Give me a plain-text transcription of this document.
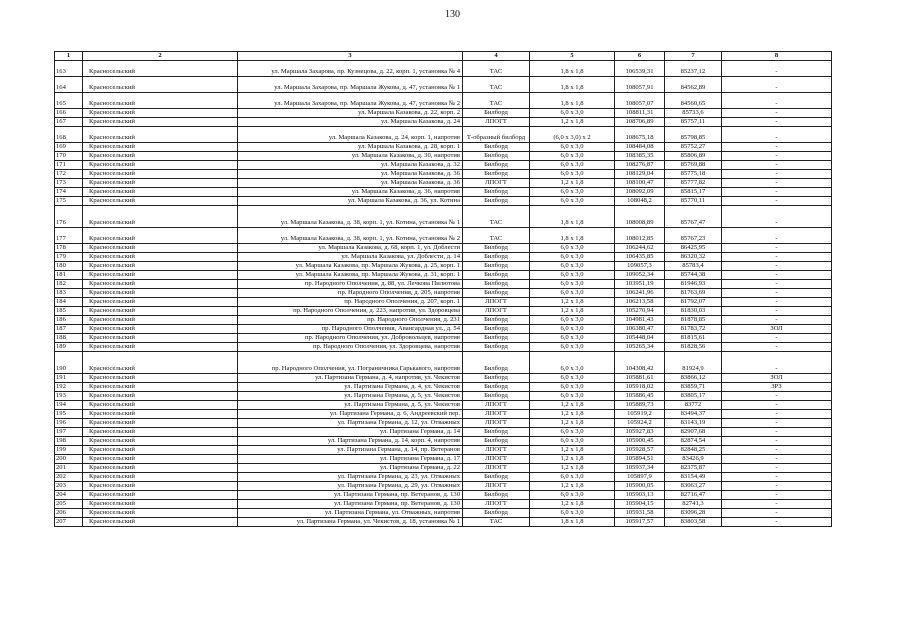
130
1	2	3	4	5	6	7	8
163	Красносельский	ул. Маршала Захарова, пр. Кузнецова, д. 22, корп. 1, установка № 4	ТАС	1,8 х 1,8	106539,31	85237,12	-
164	Красносельский	ул. Маршала Захарова, пр. Маршала Жукова, д. 47, установка № 1	ТАС	1,8 х 1,8	108057,91	84562,89	-
165	Красносельский	ул. Маршала Захарова, пр. Маршала Жукова, д. 47, установка № 2	ТАС	1,8 х 1,8	108057,07	84560,65	-
166	Красносельский	ул. Маршала Казакова, д. 22, корп. 2	Билборд	6,0 х 3,0	108811,31	85733,6	-
167	Красносельский	ул. Маршала Казакова, д. 24	ЛПОГТ	1,2 х 1,8	108706,89	85757,11	-
168	Красносельский	ул. Маршала Казакова, д. 24, корп. 1, напротив	Т-образный билборд	(6,0 х 3,0) х 2	108675,18	85798,85	-
169	Красносельский	ул. Маршала Казакова, д. 28, корп. 1	Билборд	6,0 х 3,0	108484,08	85752,27	-
170	Красносельский	ул. Маршала Казакова, д. 30, напротив	Билборд	6,0 х 3,0	108385,35	85806,89	-
171	Красносельский	ул. Маршала Казакова, д. 32	Билборд	6,0 х 3,0	108276,87	85769,88	-
172	Красносельский	ул. Маршала Казакова, д. 36	Билборд	6,0 х 3,0	108129,04	85775,18	-
173	Красносельский	ул. Маршала Казакова, д. 36	ЛПОГТ	1,2 х 1,8	108100,47	85777,82	-
174	Красносельский	ул. Маршала Казакова, д. 36, напротив	Билборд	6,0 х 3,0	108092,09	85815,17	-
175	Красносельский	ул. Маршала Казакова, д. 36, ул. Котина	Билборд	6,0 х 3,0	108048,2	85770,11	-
176	Красносельский	ул. Маршала Казакова, д. 38, корп. 1, ул. Котина, установка № 1	ТАС	1,8 х 1,8	108008,89	85767,47	-
177	Красносельский	ул. Маршала Казакова, д. 38, корп. 1, ул. Котина, установка № 2	ТАС	1,8 х 1,8	108012,85	85767,23	-
178	Красносельский	ул. Маршала Казакова, д. 68, корп. 1, ул. Доблести	Билборд	6,0 х 3,0	106244,62	86425,95	-
179	Красносельский	ул. Маршала Казакова, ул. Доблести, д. 14	Билборд	6,0 х 3,0	106435,85	86320,32	-
180	Красносельский	ул. Маршала Казакова, пр. Маршала Жукова, д. 25, корп. 1	Билборд	6,0 х 3,0	109057,3	85783,4	-
181	Красносельский	ул. Маршала Казакова, пр. Маршала Жукова, д. 31, корп. 1	Билборд	6,0 х 3,0	109052,34	85744,38	-
182	Красносельский	пр. Народного Ополчения, д. 88, ул. Лечкова Пилютова	Билборд	6,0 х 3,0	103951,19	81946,93	-
183	Красносельский	пр. Народного Ополчения, д. 205, напротив	Билборд	6,0 х 3,0	106241,96	81763,69	-
184	Красносельский	пр. Народного Ополчения, д. 207, корп. 1	ЛПОГТ	1,2 х 1,8	106213,58	81792,07	-
185	Красносельский	пр. Народного Ополчения, д. 223, напротив, ул. Здоровцева	ЛПОГТ	1,2 х 1,8	105270,94	81830,03	-
186	Красносельский	пр. Народного Ополчения, д. 231	Билборд	6,0 х 3,0	104981,43	81878,85	-
187	Красносельский	пр. Народного Ополчения, Авангардная ул., д. 54	Билборд	6,0 х 3,0	106380,47	81783,72	ЗОЛ
188	Красносельский	пр. Народного Ополчения, ул. Добровольцев, напротив	Билборд	6,0 х 3,0	105448,04	81815,61	-
189	Красносельский	пр. Народного Ополчения, ул. Здоровцева, напротив	Билборд	6,0 х 3,0	105265,34	81828,56	-
190	Красносельский	пр. Народного Ополчения, ул. Пограничника Гарькавого, напротив	Билборд	6,0 х 3,0	104308,42	81924,9	-
191	Красносельский	ул. Партизана Германа, д. 4, напротив, ул. Чекистов	Билборд	6,0 х 3,0	105881,61	83866,12	ЗОЛ
192	Красносельский	ул. Партизана Германа, д. 4, ул. Чекистов	Билборд	6,0 х 3,0	105918,02	83859,71	ЗРЗ
193	Красносельский	ул. Партизана Германа, д. 5, ул. Чекистов	Билборд	6,0 х 3,0	105886,45	83805,17	-
194	Красносельский	ул. Партизана Германа, д. 5, ул. Чекистов	ЛПОГТ	1,2 х 1,8	105889,73	83772	-
195	Красносельский	ул. Партизана Германа, д. 6, Андреевский пер.	ЛПОГТ	1,2 х 1,8	105919,2	83494,37	-
196	Красносельский	ул. Партизана Германа, д. 12, ул. Отважных	ЛПОГТ	1,2 х 1,8	105924,2	83143,19	-
197	Красносельский	ул. Партизана Германа, д. 14	Билборд	6,0 х 3,0	105927,83	82907,68	-
198	Красносельский	ул. Партизана Германа, д. 14, корп. 4, напротив	Билборд	6,0 х 3,0	105900,45	82874,54	-
199	Красносельский	ул. Партизана Германа, д. 14, пр. Ветеранов	ЛПОГТ	1,2 х 1,8	105928,57	82848,25	-
200	Красносельский	ул. Партизана Германа, д. 17	ЛПОГТ	1,2 х 1,8	105894,51	83426,9	-
201	Красносельский	ул. Партизана Германа, д. 22	ЛПОГТ	1,2 х 1,8	105937,34	82375,87	-
202	Красносельский	ул. Партизана Германа, д. 23, ул. Отважных	Билборд	6,0 х 3,0	105897,9	83154,49	-
203	Красносельский	ул. Партизана Германа, д. 29, ул. Отважных	ЛПОГТ	1,2 х 1,8	105900,05	83063,27	-
204	Красносельский	ул. Партизана Германа, пр. Ветеранов, д. 130	Билборд	6,0 х 3,0	105903,13	82716,47	-
205	Красносельский	ул. Партизана Германа, пр. Ветеранов, д. 130	ЛПОГТ	1,2 х 1,8	105904,15	82741,3	-
206	Красносельский	ул. Партизана Германа, ул. Отважных, напротив	Билборд	6,0 х 3,0	105931,58	83096,28	-
207	Красносельский	ул. Партизана Германа, ул. Чекистов, д. 18, установка № 1	ТАС	1,8 х 1,8	105917,57	83803,58	-
